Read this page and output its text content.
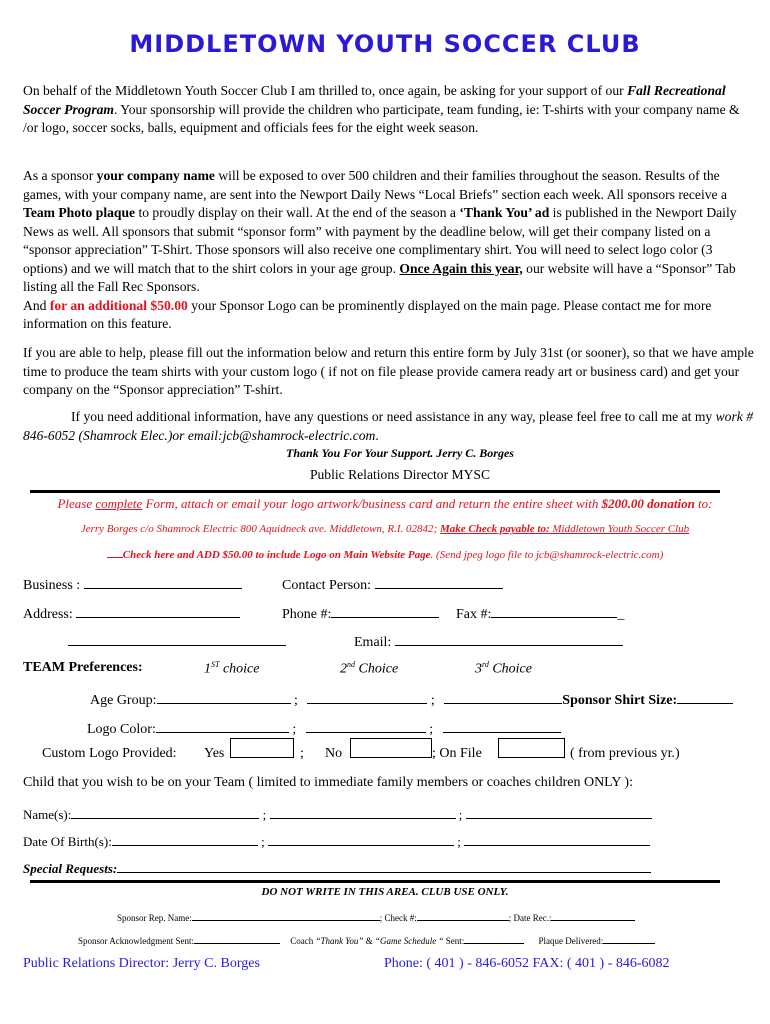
MIDDLETOWN YOUTH SOCCER CLUB
On behalf of the Middletown Youth Soccer Club I am thrilled to, once again, be asking for your support of our Fall Recreational Soccer Program. Your sponsorship will provide the children who participate, team funding, ie: T-shirts with your company name & /or logo, soccer socks, balls, equipment and officials fees for the eight week season.
As a sponsor your company name will be exposed to over 500 children and their families throughout the season. Results of the games, with your company name, are sent into the Newport Daily News “Local Briefs” section each week. All sponsors receive a Team Photo plaque to proudly display on their wall. At the end of the season a ‘Thank You’ ad is published in the Newport Daily News as well. All sponsors that submit “sponsor form” with payment by the deadline below, will get their company listed on a “sponsor appreciation” T-Shirt. Those sponsors will also receive one complimentary shirt. You will need to select logo color (3 options) and we will match that to the shirt colors in your age group. Once Again this year, our website will have a “Sponsor” Tab listing all the Fall Rec Sponsors.
And for an additional $50.00 your Sponsor Logo can be prominently displayed on the main page. Please contact me for more information on this feature.
If you are able to help, please fill out the information below and return this entire form by July 31st (or sooner), so that we have ample time to produce the team shirts with your custom logo ( if not on file please provide camera ready art or business card) and get your company on the “Sponsor appreciation” T-shirt.
If you need additional information, have any questions or need assistance in any way, please feel free to call me at my work # 846-6052 (Shamrock Elec.)or email:jcb@shamrock-electric.com.
Thank You For Your Support. Jerry C. Borges
Public Relations Director MYSC
Please complete Form, attach or email your logo artwork/business card and return the entire sheet with $200.00 donation to:
Jerry Borges c/o Shamrock Electric 800 Aquidneck ave. Middletown, R.I. 02842; Make Check payable to: Middletown Youth Soccer Club
Check here and ADD $50.00 to include Logo on Main Website Page. (Send jpeg logo file to jcb@shamrock-electric.com)
Business :	Contact Person:
Address:	Phone #:	Fax #:	_
Email:
TEAM Preferences:	1ST choice	2nd Choice	3rd Choice
Age Group:	;	;	Sponsor Shirt Size:
Logo Color:	;	;
Custom Logo Provided: Yes	; No	; On File	( from previous yr.)
Child that you wish to be on your Team ( limited to immediate family members or coaches children ONLY ):
Name(s):	;	;
Date Of Birth(s):	;	;
Special Requests:
DO NOT WRITE IN THIS AREA. CLUB USE ONLY.
Sponsor Rep. Name:	; Check #:	; Date Rec.:
Sponsor Acknowledgment Sent:	Coach “Thank You” & “Game Schedule “ Sent:	Plaque Delivered:
Public Relations Director: Jerry C. Borges	Phone: ( 401 ) - 846-6052 FAX: ( 401 ) - 846-6082
